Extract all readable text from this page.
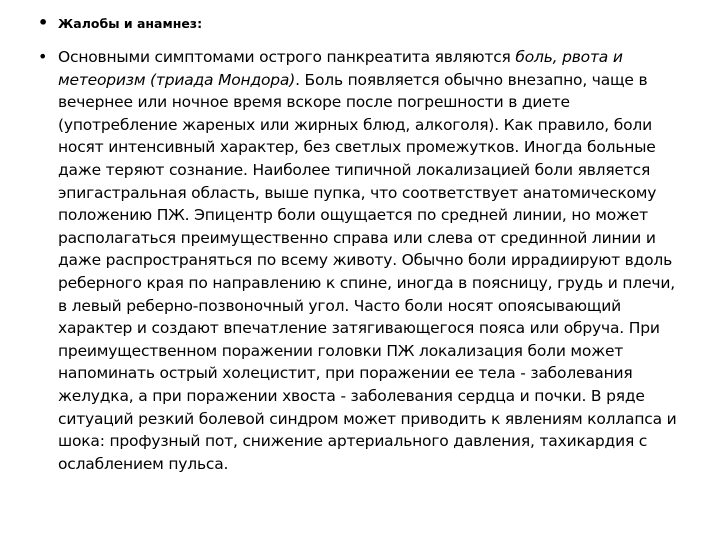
• Жалобы и анамнез:
• Основными симптомами острого панкреатита являются боль, рвота и метеоризм (триада Мондора). Боль появляется обычно внезапно, чаще в вечернее или ночное время вскоре после погрешности в диете (употребление жареных или жирных блюд, алкоголя). Как правило, боли носят интенсивный характер, без светлых промежутков. Иногда больные даже теряют сознание. Наиболее типичной локализацией боли является эпигастральная область, выше пупка, что соответствует анатомическому положению ПЖ. Эпицентр боли ощущается по средней линии, но может располагаться преимущественно справа или слева от срединной линии и даже распространяться по всему животу. Обычно боли иррадиируют вдоль реберного края по направлению к спине, иногда в поясницу, грудь и плечи, в левый реберно-позвоночный угол. Часто боли носят опоясывающий характер и создают впечатление затягивающегося пояса или обруча. При преимущественном поражении головки ПЖ локализация боли может напоминать острый холецистит, при поражении ее тела - заболевания желудка, а при поражении хвоста - заболевания сердца и почки. В ряде ситуаций резкий болевой синдром может приводить к явлениям коллапса и шока: профузный пот, снижение артериального давления, тахикардия с ослаблением пульса.
